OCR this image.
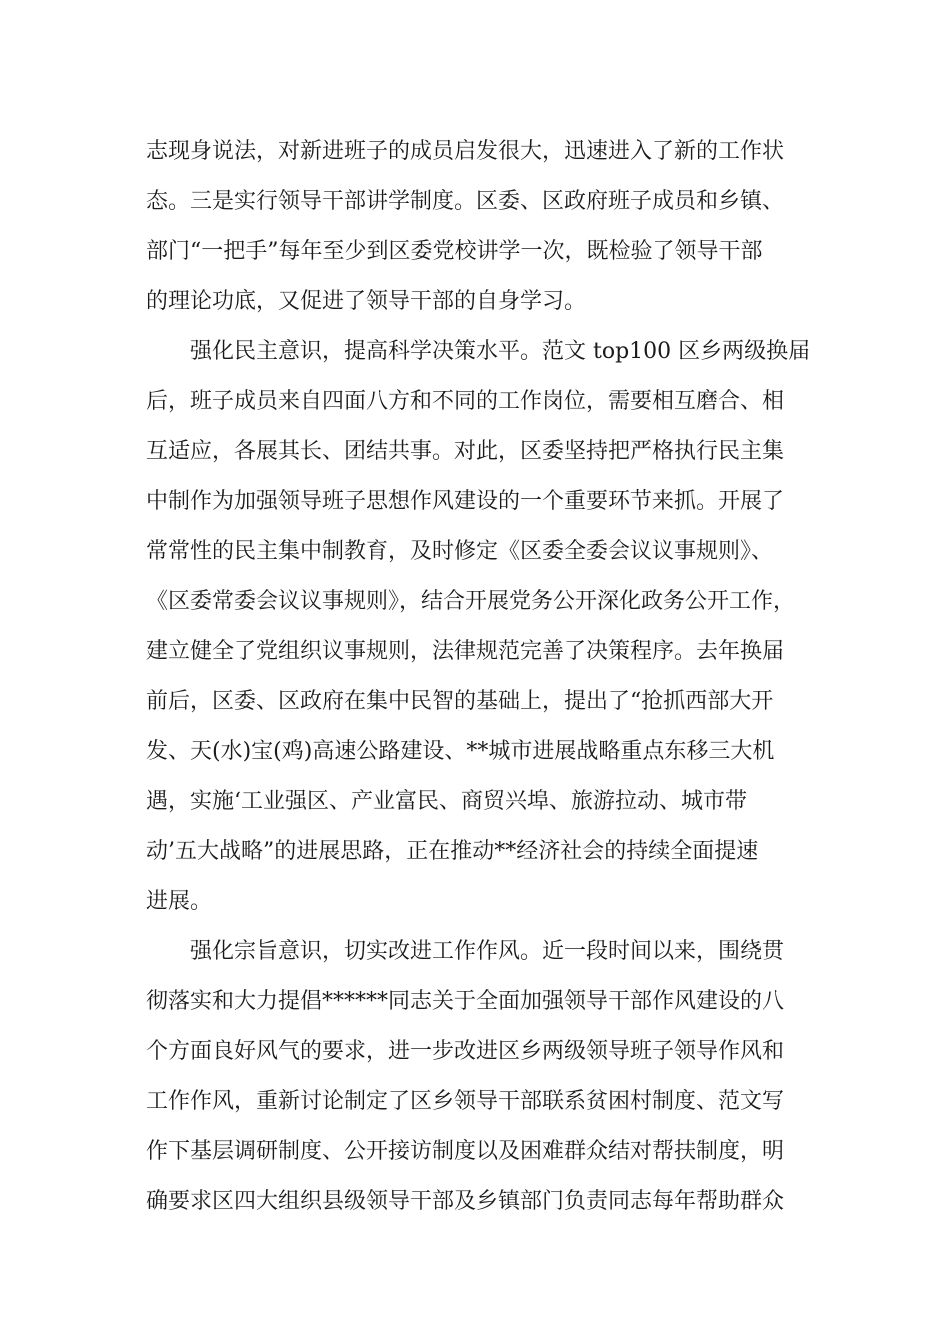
志现身说法，对新进班子的成员启发很大，迅速进入了新的工作状
态。三是实行领导干部讲学制度。区委、区政府班子成员和乡镇、
部门“一把手”每年至少到区委党校讲学一次，既检验了领导干部
的理论功底，又促进了领导干部的自身学习。
强化民主意识，提高科学决策水平。范文 top100 区乡两级换届
后，班子成员来自四面八方和不同的工作岗位，需要相互磨合、相
互适应，各展其长、团结共事。对此，区委坚持把严格执行民主集
中制作为加强领导班子思想作风建设的一个重要环节来抓。开展了
常常性的民主集中制教育，及时修定《区委全委会议议事规则》、
《区委常委会议议事规则》，结合开展党务公开深化政务公开工作，
建立健全了党组织议事规则，法律规范完善了决策程序。去年换届
前后，区委、区政府在集中民智的基础上，提出了“抢抓西部大开
发、天(水)宝(鸡)高速公路建设、**城市进展战略重点东移三大机
遇，实施‘工业强区、产业富民、商贸兴埠、旅游拉动、城市带
动’五大战略”的进展思路，正在推动**经济社会的持续全面提速
进展。
强化宗旨意识，切实改进工作作风。近一段时间以来，围绕贯
彻落实和大力提倡******同志关于全面加强领导干部作风建设的八
个方面良好风气的要求，进一步改进区乡两级领导班子领导作风和
工作作风，重新讨论制定了区乡领导干部联系贫困村制度、范文写
作下基层调研制度、公开接访制度以及困难群众结对帮扶制度，明
确要求区四大组织县级领导干部及乡镇部门负责同志每年帮助群众
